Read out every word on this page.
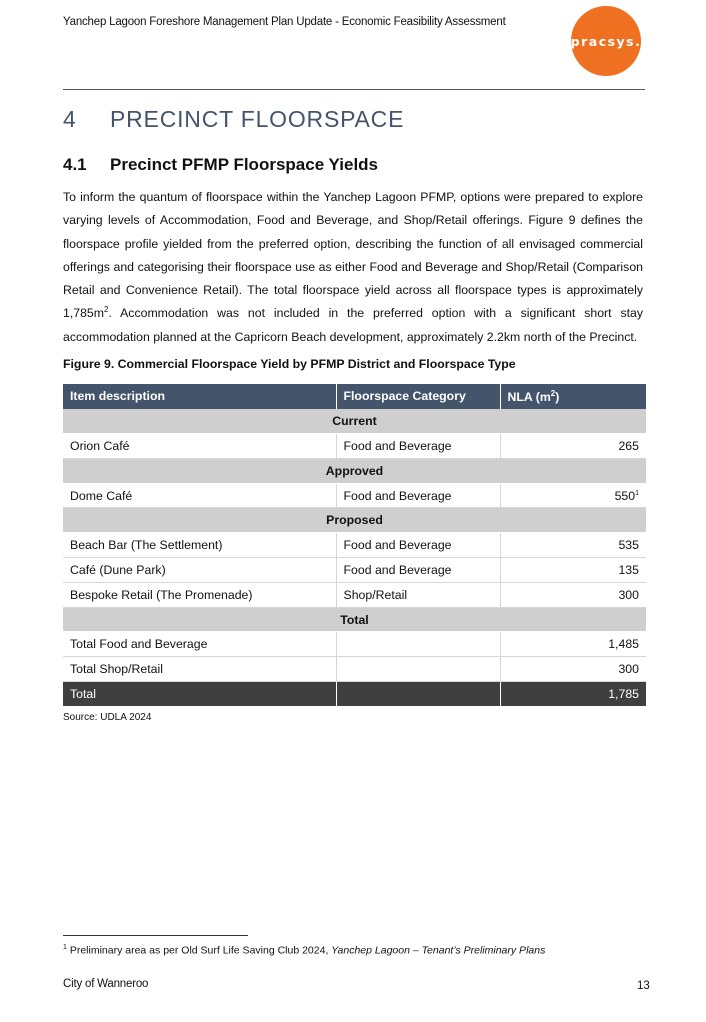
Yanchep Lagoon Foreshore Management Plan Update - Economic Feasibility Assessment
pracsys.
4 PRECINCT FLOORSPACE
4.1 Precinct PFMP Floorspace Yields
To inform the quantum of floorspace within the Yanchep Lagoon PFMP, options were prepared to explore varying levels of Accommodation, Food and Beverage, and Shop/Retail offerings. Figure 9 defines the floorspace profile yielded from the preferred option, describing the function of all envisaged commercial offerings and categorising their floorspace use as either Food and Beverage and Shop/Retail (Comparison Retail and Convenience Retail). The total floorspace yield across all floorspace types is approximately $1,785m^2$. Accommodation was not included in the preferred option with a significant short stay accommodation planned at the Capricorn Beach development, approximately 2.2km north of the Precinct.
Figure 9. Commercial Floorspace Yield by PFMP District and Floorspace Type
Item description	Floorspace Category	NLA $(m^2)$
Current		
Orion Café	Food and Beverage	265
Approved		
Dome Café	Food and Beverage	$550^1$
Proposed		
Beach Bar (The Settlement)	Food and Beverage	535
Café (Dune Park)	Food and Beverage	135
Bespoke Retail (The Promenade)	Shop/Retail	300
Total		
Total Food and Beverage		1,485
Total Shop/Retail		300
Total		1,785
Source: UDLA 2024
$^1$ Preliminary area as per Old Surf Life Saving Club 2024, Yanchep Lagoon – Tenant’s Preliminary Plans
City of Wanneroo	13
